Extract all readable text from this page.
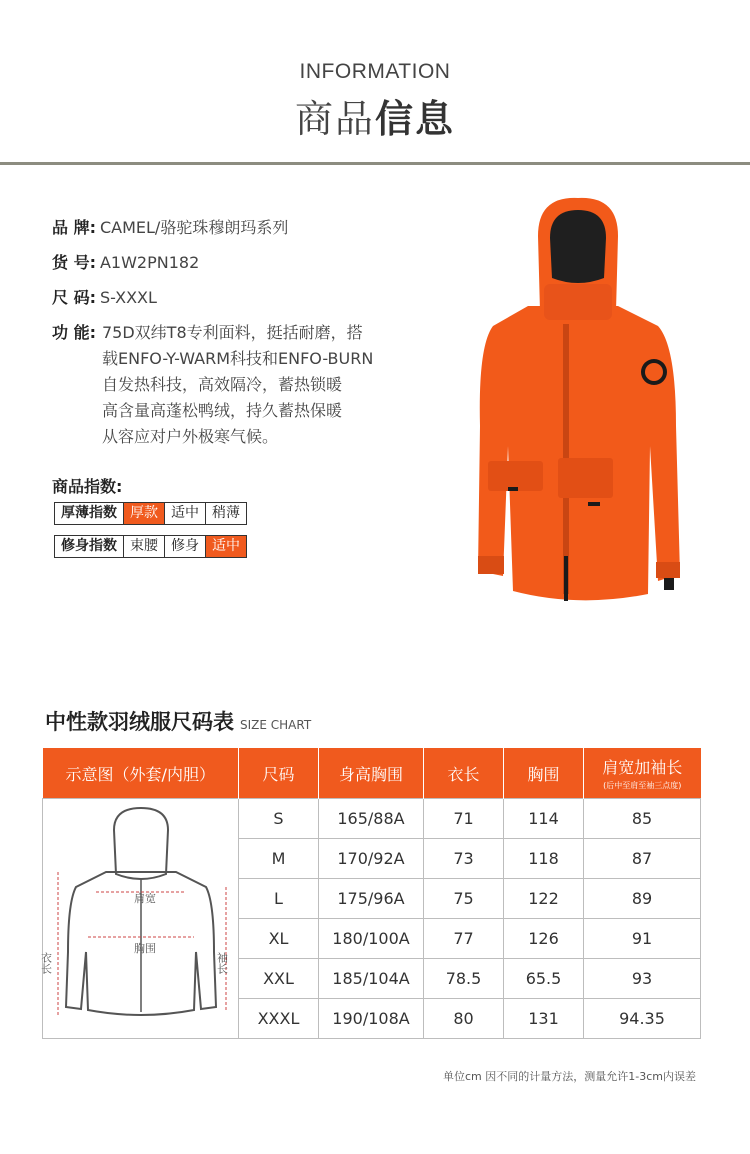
INFORMATION
商品信息
品 牌: CAMEL/骆驼珠穆朗玛系列
货 号: A1W2PN182
尺 码: S-XXXL
功 能: 75D双纬T8专利面料，挺括耐磨，搭
载ENFO-Y-WARM科技和ENFO-BURN
自发热科技，高效隔冷，蓄热锁暖
高含量高蓬松鸭绒，持久蓄热保暖
从容应对户外极寒气候。
商品指数:
厚薄指数 厚款 适中 稍薄
修身指数 束腰 修身 适中
中性款羽绒服尺码表 SIZE CHART
示意图（外套/内胆）	尺码	身高胸围	衣长	胸围	肩宽加袖长
(后中至肩至袖三点度)

肩宽
胸围
衣长 袖长	S	165/88A	71	114	85
	M	170/92A	73	118	87
	L	175/96A	75	122	89
	XL	180/100A	77	126	91
	XXL	185/104A	78.5	65.5	93
	XXXL	190/108A	80	131	94.35
单位cm 因不同的计量方法，测量允许1-3cm内误差
